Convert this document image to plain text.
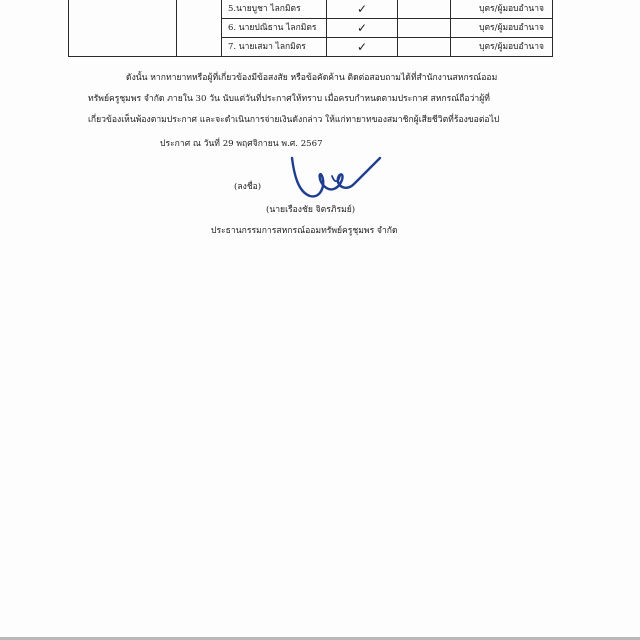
		5.นายบูชา ไลกมิตร	✓		บุตร/ผู้มอบอำนาจ
		6. นายปณิธาน ไลกมิตร	✓		บุตร/ผู้มอบอำนาจ
		7. นายเสมา ไลกมิตร	✓		บุตร/ผู้มอบอำนาจ
ดังนั้น หากทายาทหรือผู้ที่เกี่ยวข้องมีข้อสงสัย หรือข้อคัดค้าน ติดต่อสอบถามได้ที่สำนักงานสหกรณ์ออม
ทรัพย์ครูชุมพร จำกัด ภายใน 30 วัน นับแต่วันที่ประกาศให้ทราบ เมื่อครบกำหนดตามประกาศ สหกรณ์ถือว่าผู้ที่
เกี่ยวข้องเห็นพ้องตามประกาศ และจะดำเนินการจ่ายเงินดังกล่าว ให้แก่ทายาทของสมาชิกผู้เสียชีวิตที่ร้องขอต่อไป
ประกาศ ณ วันที่ 29 พฤศจิกายน พ.ศ. 2567
(ลงชื่อ)
(นายเรืองชัย จิตรภิรมย์)
ประธานกรรมการสหกรณ์ออมทรัพย์ครูชุมพร จำกัด
